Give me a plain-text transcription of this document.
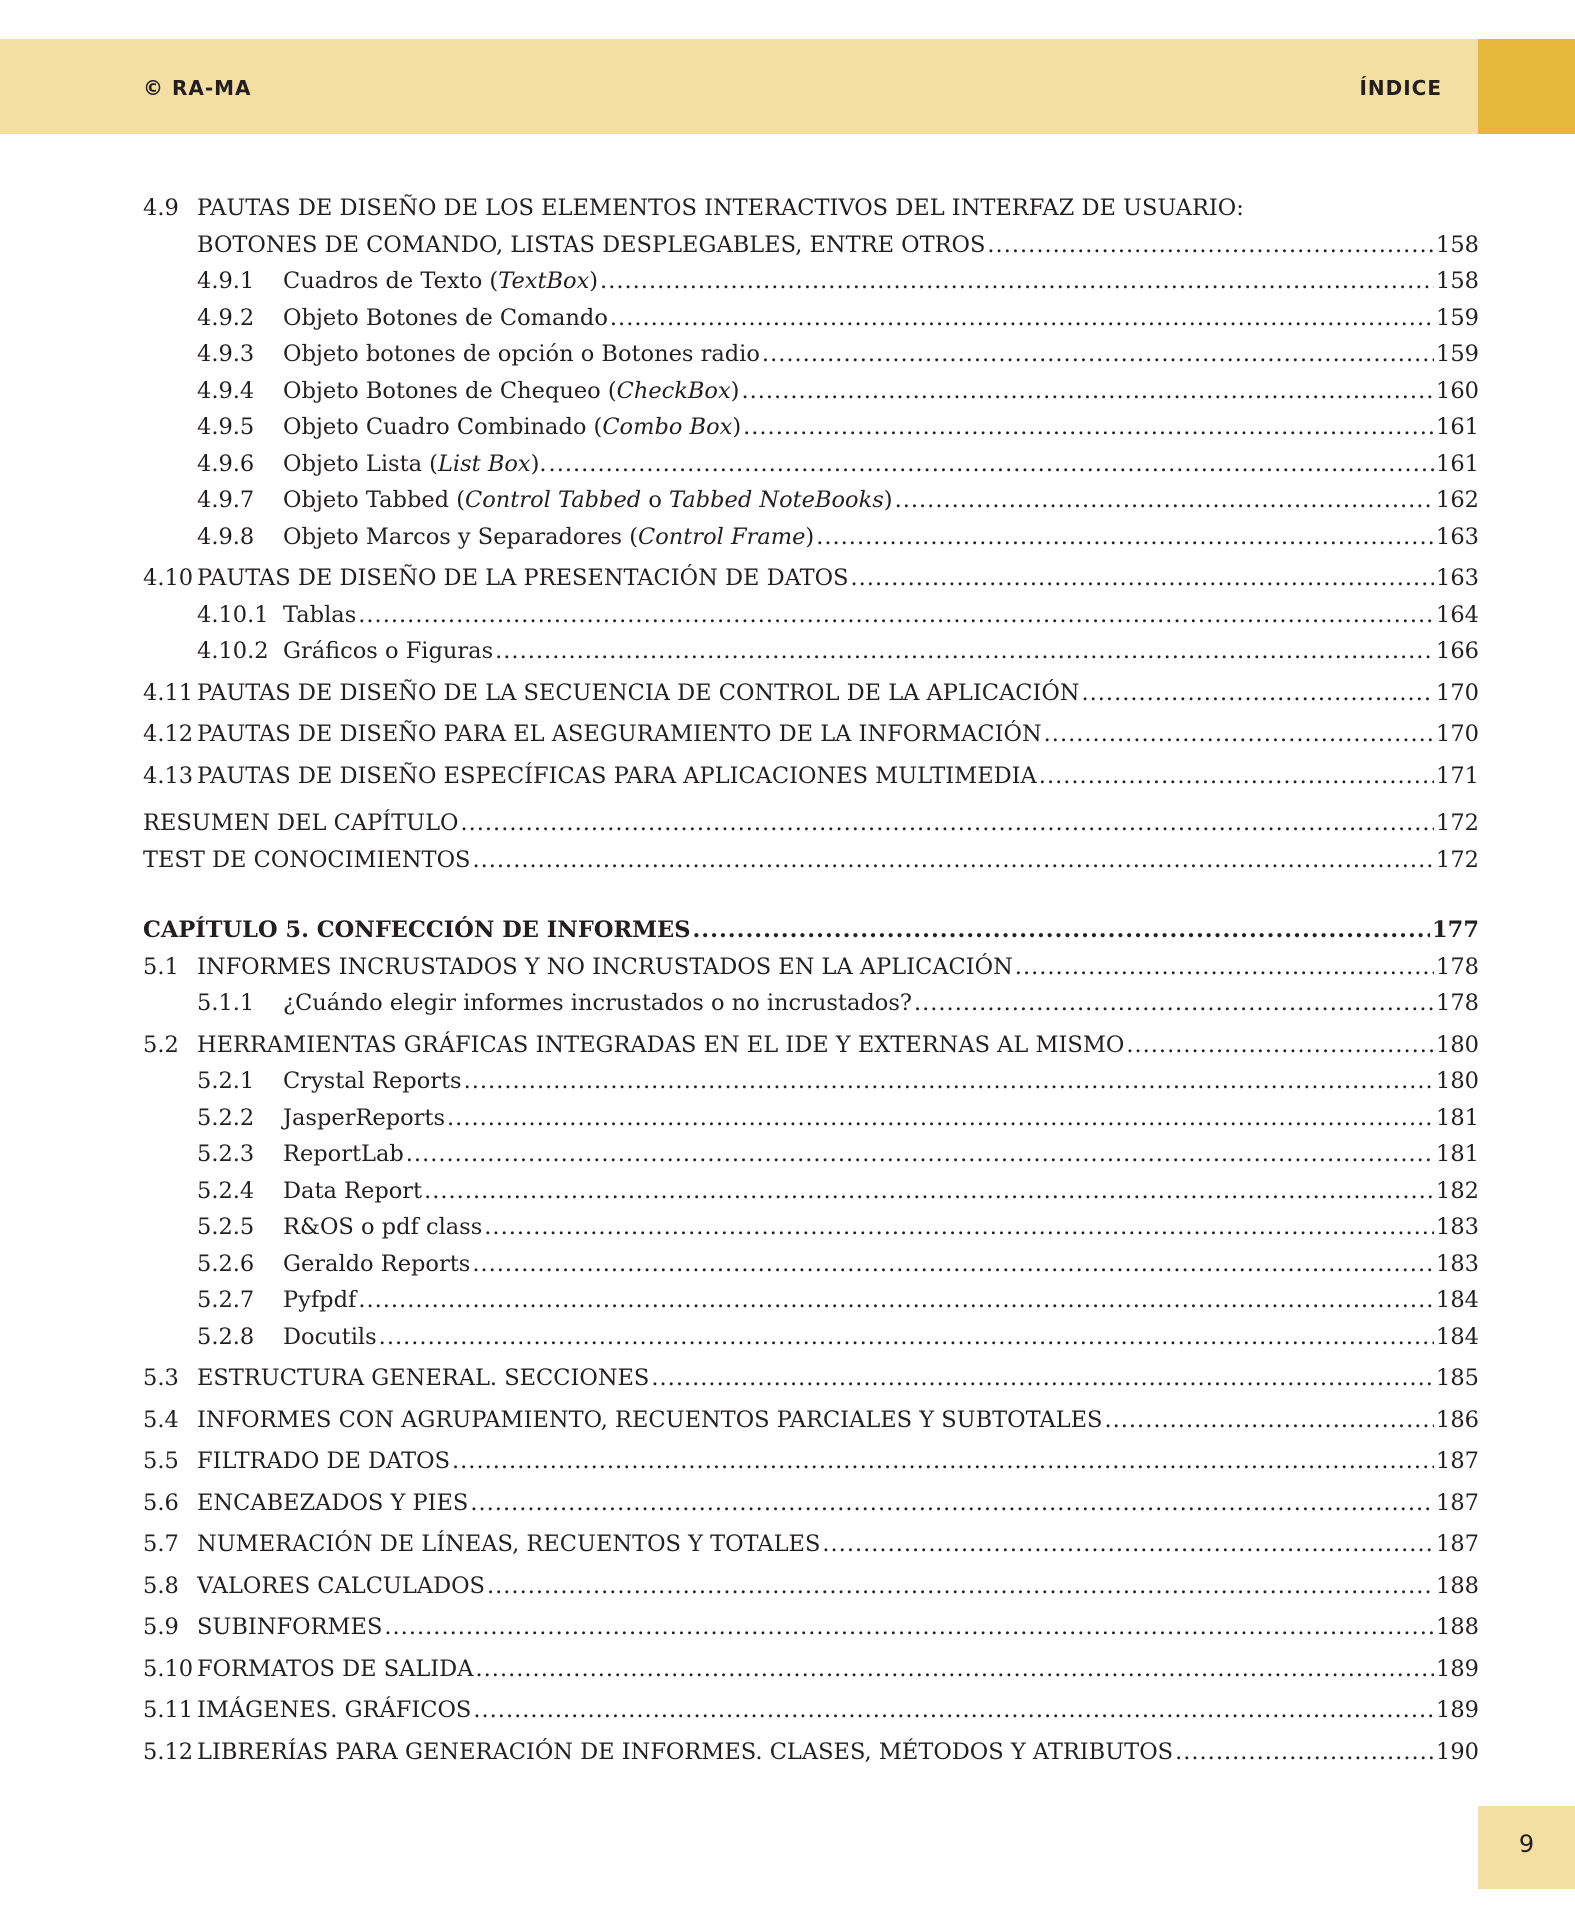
© RA-MA	ÍNDICE
4.9 PAUTAS DE DISEÑO DE LOS ELEMENTOS INTERACTIVOS DEL INTERFAZ DE USUARIO:
BOTONES DE COMANDO, LISTAS DESPLEGABLES, ENTRE OTROS .....	158
4.9.1	Cuadros de Texto (TextBox) .....	158
4.9.2	Objeto Botones de Comando .....	159
4.9.3	Objeto botones de opción o Botones radio .....	159
4.9.4	Objeto Botones de Chequeo (CheckBox) .....	160
4.9.5	Objeto Cuadro Combinado (Combo Box) .....	161
4.9.6	Objeto Lista (List Box). .....	161
4.9.7	Objeto Tabbed (Control Tabbed o Tabbed NoteBooks) .....	162
4.9.8	Objeto Marcos y Separadores (Control Frame) .....	163
4.10 PAUTAS DE DISEÑO DE LA PRESENTACIÓN DE DATOS .....	163
4.10.1 Tablas .....	164
4.10.2 Gráficos o Figuras .....	166
4.11 PAUTAS DE DISEÑO DE LA SECUENCIA DE CONTROL DE LA APLICACIÓN .....	170
4.12 PAUTAS DE DISEÑO PARA EL ASEGURAMIENTO DE LA INFORMACIÓN .....	170
4.13 PAUTAS DE DISEÑO ESPECÍFICAS PARA APLICACIONES MULTIMEDIA .....	171
RESUMEN DEL CAPÍTULO .....	172
TEST DE CONOCIMIENTOS .....	172
CAPÍTULO 5. CONFECCIÓN DE INFORMES .....	177
5.1 INFORMES INCRUSTADOS Y NO INCRUSTADOS EN LA APLICACIÓN .....	178
5.1.1	¿Cuándo elegir informes incrustados o no incrustados? .....	178
5.2 HERRAMIENTAS GRÁFICAS INTEGRADAS EN EL IDE Y EXTERNAS AL MISMO .....	180
5.2.1	Crystal Reports .....	180
5.2.2	JasperReports .....	181
5.2.3	ReportLab .....	181
5.2.4	Data Report .....	182
5.2.5	R&OS o pdf class .....	183
5.2.6	Geraldo Reports .....	183
5.2.7	Pyfpdf .....	184
5.2.8	Docutils .....	184
5.3 ESTRUCTURA GENERAL. SECCIONES .....	185
5.4 INFORMES CON AGRUPAMIENTO, RECUENTOS PARCIALES Y SUBTOTALES .....	186
5.5 FILTRADO DE DATOS .....	187
5.6 ENCABEZADOS Y PIES .....	187
5.7 NUMERACIÓN DE LÍNEAS, RECUENTOS Y TOTALES .....	187
5.8 VALORES CALCULADOS .....	188
5.9 SUBINFORMES .....	188
5.10 FORMATOS DE SALIDA .....	189
5.11 IMÁGENES. GRÁFICOS .....	189
5.12 LIBRERÍAS PARA GENERACIÓN DE INFORMES. CLASES, MÉTODOS Y ATRIBUTOS .....	190
9
